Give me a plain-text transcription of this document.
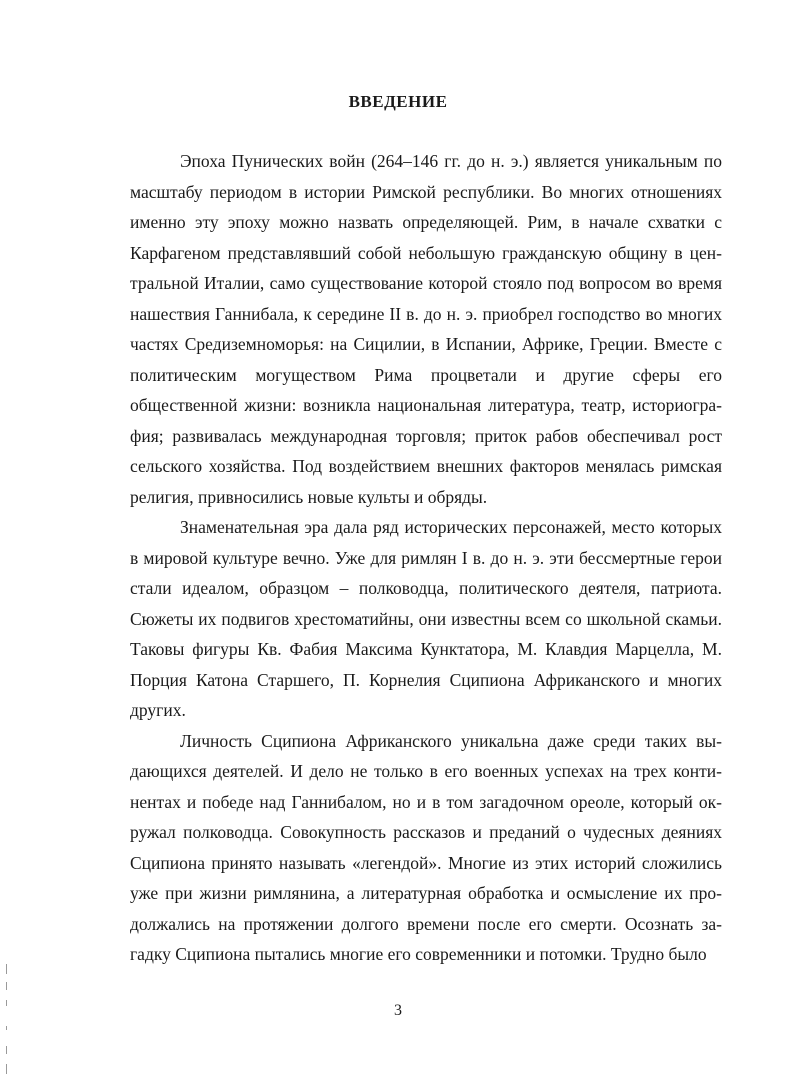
ВВЕДЕНИЕ

Эпоха Пунических войн (264–146 гг. до н. э.) является уникальным по масштабу периодом в истории Римской республики. Во многих отношениях именно эту эпоху можно назвать определяющей. Рим, в начале схватки с Карфагеном представлявший собой небольшую гражданскую общину в центральной Италии, само существование которой стояло под вопросом во время нашествия Ганнибала, к середине II в. до н. э. приобрел господство во многих частях Средиземноморья: на Сицилии, в Испании, Африке, Греции. Вместе с политическим могуществом Рима процветали и другие сферы его общественной жизни: возникла национальная литература, театр, историография; развивалась международная торговля; приток рабов обеспечивал рост сельского хозяйства. Под воздействием внешних факторов менялась римская религия, привносились новые культы и обряды.

Знаменательная эра дала ряд исторических персонажей, место которых в мировой культуре вечно. Уже для римлян I в. до н. э. эти бессмертные герои стали идеалом, образцом – полководца, политического деятеля, патриота. Сюжеты их подвигов хрестоматийны, они известны всем со школьной скамьи. Таковы фигуры Кв. Фабия Максима Кунктатора, М. Клавдия Марцелла, М. Порция Катона Старшего, П. Корнелия Сципиона Африканского и многих других.

Личность Сципиона Африканского уникальна даже среди таких выдающихся деятелей. И дело не только в его военных успехах на трех континентах и победе над Ганнибалом, но и в том загадочном ореоле, который окружал полководца. Совокупность рассказов и преданий о чудесных деяниях Сципиона принято называть «легендой». Многие из этих историй сложились уже при жизни римлянина, а литературная обработка и осмысление их продолжались на протяжении долгого времени после его смерти. Осознать загадку Сципиона пытались многие его современники и потомки. Трудно было

3
